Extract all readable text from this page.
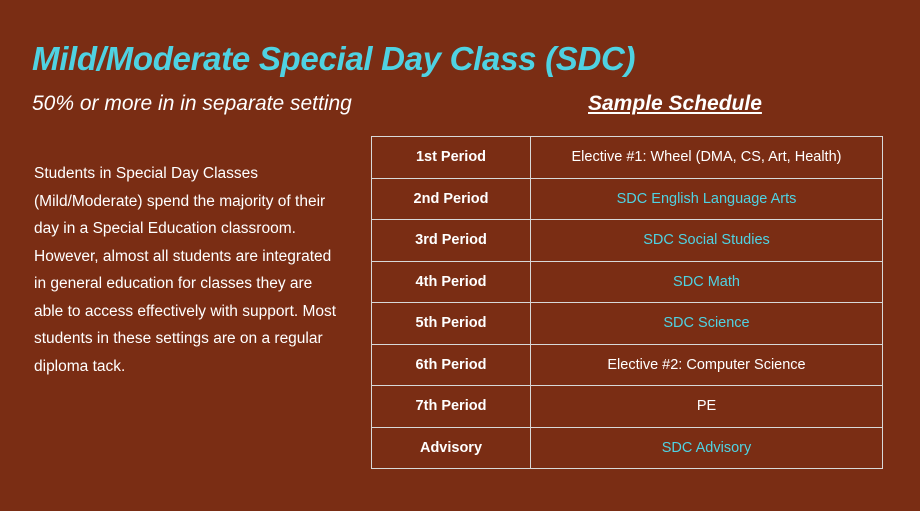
Mild/Moderate Special Day Class (SDC)
50% or more in in separate setting	Sample Schedule
Students in Special Day Classes (Mild/Moderate) spend the majority of their day in a Special Education classroom. However, almost all students are integrated in general education for classes they are able to access effectively with support. Most students in these settings are on a regular diploma tack.
1st Period	Elective #1: Wheel (DMA, CS, Art, Health)
2nd Period	SDC English Language Arts
3rd Period	SDC Social Studies
4th Period	SDC Math
5th Period	SDC Science
6th Period	Elective #2: Computer Science
7th Period	PE
Advisory	SDC Advisory
